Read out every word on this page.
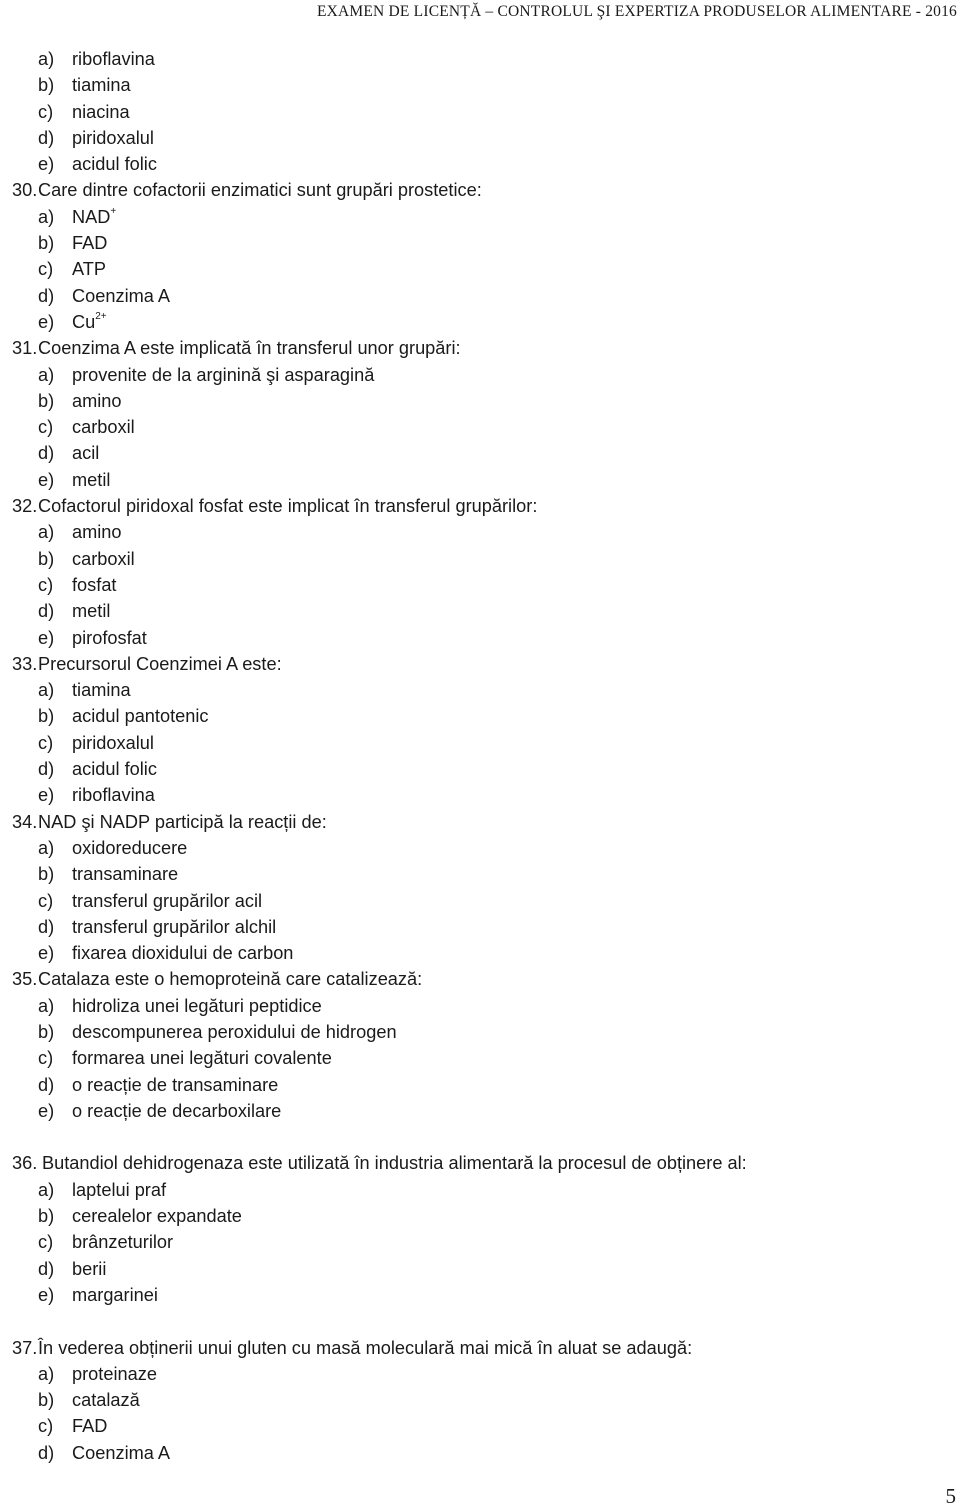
EXAMEN DE LICENȚĂ – CONTROLUL ŞI EXPERTIZA PRODUSELOR ALIMENTARE - 2016
a) riboflavina
b) tiamina
c) niacina
d) piridoxalul
e) acidul folic
30. Care dintre cofactorii enzimatici sunt grupări prostetice:
a) NAD+
b) FAD
c) ATP
d) Coenzima A
e) $Cu^{2+}$
31. Coenzima A este implicată în transferul unor grupări:
a) provenite de la arginină şi asparagină
b) amino
c) carboxil
d) acil
e) metil
32. Cofactorul piridoxal fosfat este implicat în transferul grupărilor:
a) amino
b) carboxil
c) fosfat
d) metil
e) pirofosfat
33. Precursorul Coenzimei A este:
a) tiamina
b) acidul pantotenic
c) piridoxalul
d) acidul folic
e) riboflavina
34. NAD şi NADP participă la reacții de:
a) oxidoreducere
b) transaminare
c) transferul grupărilor acil
d) transferul grupărilor alchil
e) fixarea dioxidului de carbon
35. Catalaza este o hemoproteină care catalizează:
a) hidroliza unei legături peptidice
b) descompunerea peroxidului de hidrogen
c) formarea unei legături covalente
d) o reacție de transaminare
e) o reacție de decarboxilare
36. Butandiol dehidrogenaza este utilizată în industria alimentară la procesul de obținere al:
a) laptelui praf
b) cerealelor expandate
c) brânzeturilor
d) berii
e) margarinei
37. În vederea obținerii unui gluten cu masă moleculară mai mică în aluat se adaugă:
a) proteinaze
b) catalază
c) FAD
d) Coenzima A
5
